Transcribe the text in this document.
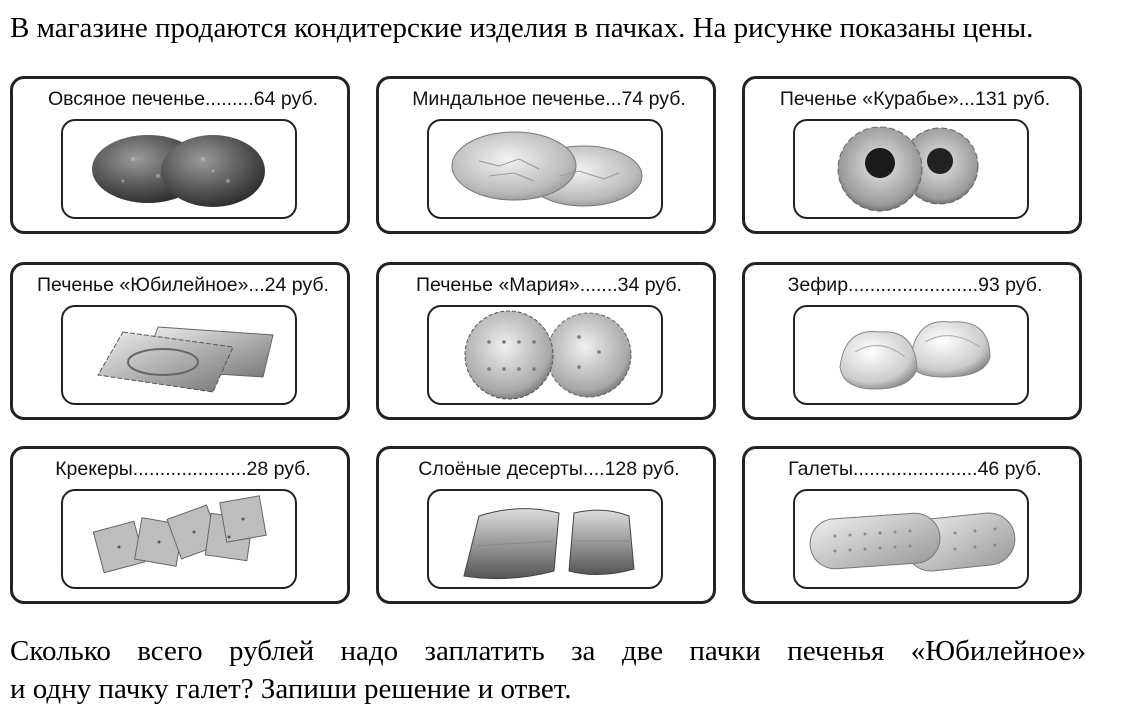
В магазине продаются кондитерские изделия в пачках. На рисунке показаны цены.
Овсяное печенье.........64 руб.	Миндальное печенье...74 руб.	Печенье «Курабье»...131 руб.
Печенье «Юбилейное»...24 руб.	Печенье «Мария».......34 руб.	Зефир........................93 руб.
Крекеры.....................28 руб.	Слоёные десерты....128 руб.	Галеты.......................46 руб.
Сколько всего рублей надо заплатить за две пачки печенья «Юбилейное»
и одну пачку галет? Запиши решение и ответ.
